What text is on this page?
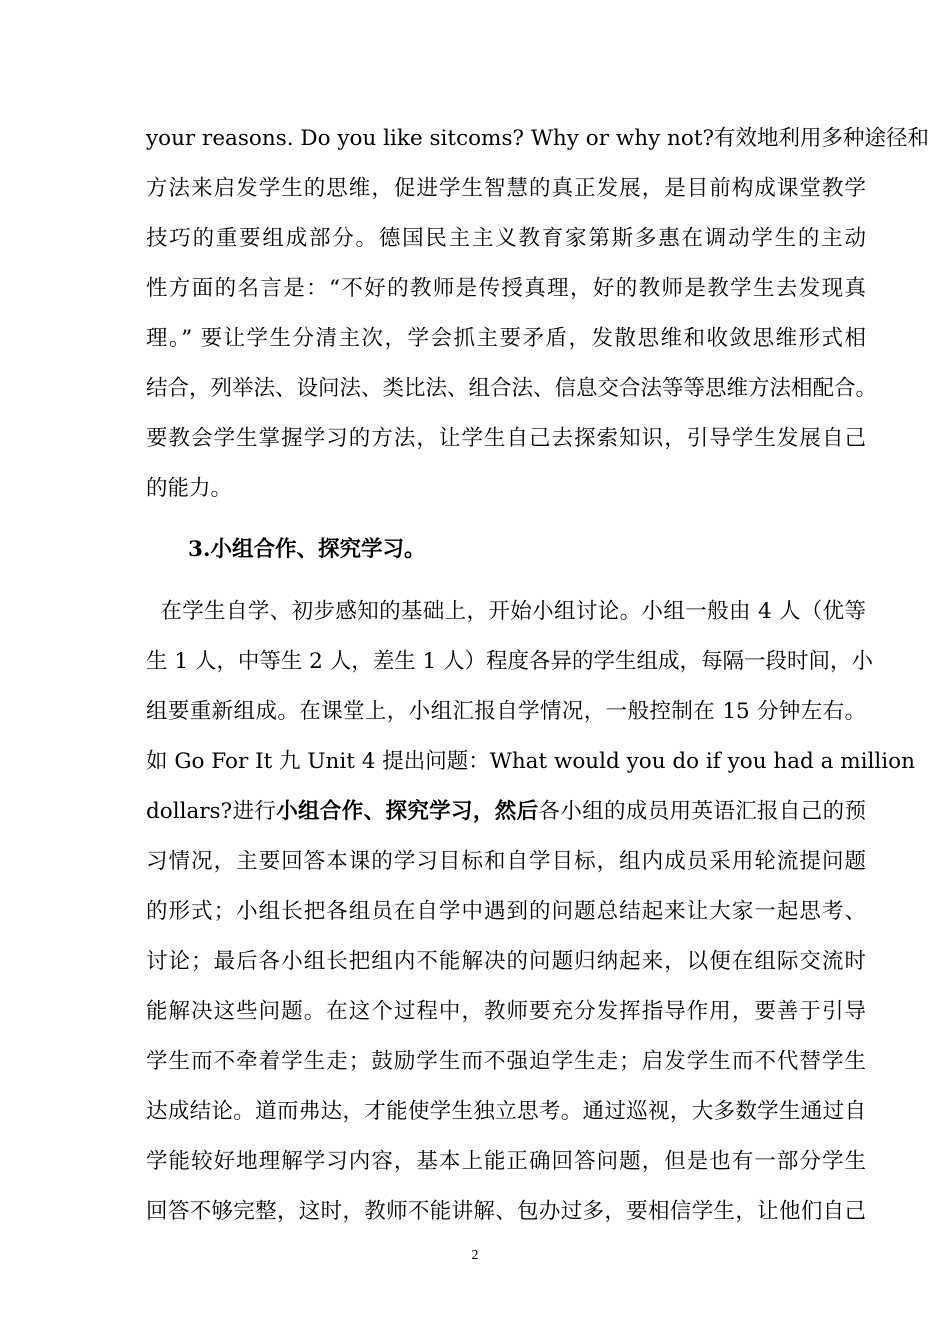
your reasons. Do you like sitcoms? Why or why not?有效地利用多种途径和
方法来启发学生的思维，促进学生智慧的真正发展，是目前构成课堂教学
技巧的重要组成部分。德国民主主义教育家第斯多惠在调动学生的主动
性方面的名言是：“不好的教师是传授真理，好的教师是教学生去发现真
理。” 要让学生分清主次，学会抓主要矛盾，发散思维和收敛思维形式相
结合，列举法、设问法、类比法、组合法、信息交合法等等思维方法相配合。
要教会学生掌握学习的方法，让学生自己去探索知识，引导学生发展自己
的能力。
3.小组合作、探究学习。
在学生自学、初步感知的基础上，开始小组讨论。小组一般由 4 人（优等
生 1 人，中等生 2 人，差生 1 人）程度各异的学生组成，每隔一段时间，小
组要重新组成。在课堂上，小组汇报自学情况，一般控制在 15 分钟左右。
如 Go For It 九 Unit 4 提出问题：What would you do if you had a million
dollars?进行小组合作、探究学习，然后各小组的成员用英语汇报自己的预
习情况，主要回答本课的学习目标和自学目标，组内成员采用轮流提问题
的形式；小组长把各组员在自学中遇到的问题总结起来让大家一起思考、
讨论；最后各小组长把组内不能解决的问题归纳起来，以便在组际交流时
能解决这些问题。在这个过程中，教师要充分发挥指导作用，要善于引导
学生而不牵着学生走；鼓励学生而不强迫学生走；启发学生而不代替学生
达成结论。道而弗达，才能使学生独立思考。通过巡视，大多数学生通过自
学能较好地理解学习内容，基本上能正确回答问题，但是也有一部分学生
回答不够完整，这时，教师不能讲解、包办过多，要相信学生，让他们自己
2
